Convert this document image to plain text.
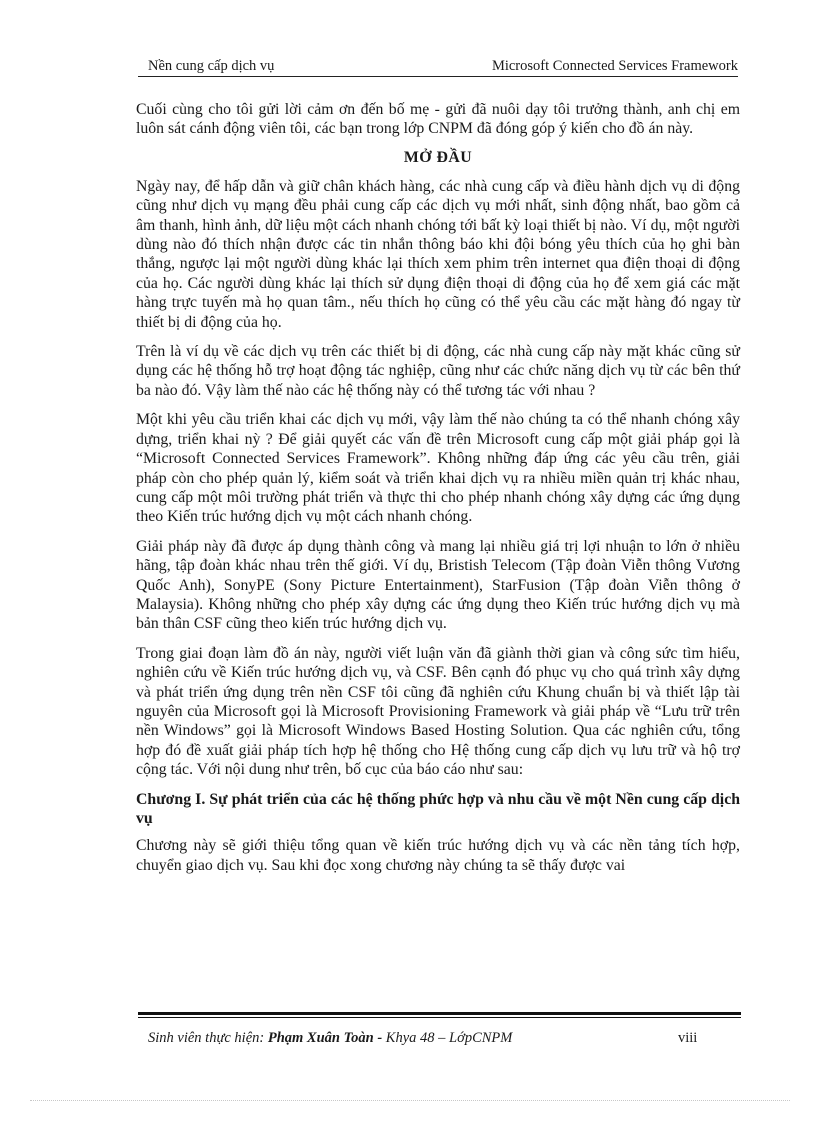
Nền cung cấp dịch vụ	Microsoft Connected Services Framework

Cuối cùng cho tôi gửi lời cảm ơn đến bố mẹ - gửi đã nuôi dạy tôi trưởng thành, anh chị em luôn sát cánh động viên tôi, các bạn trong lớp CNPM đã đóng góp ý kiến cho đồ án này.

MỞ ĐẦU

Ngày nay, để hấp dẫn và giữ chân khách hàng, các nhà cung cấp và điều hành dịch vụ di động cũng như dịch vụ mạng đều phải cung cấp các dịch vụ mới nhất, sinh động nhất, bao gồm cả âm thanh, hình ảnh, dữ liệu một cách nhanh chóng tới bất kỳ loại thiết bị nào. Ví dụ, một người dùng nào đó thích nhận được các tin nhắn thông báo khi đội bóng yêu thích của họ ghi bàn thắng, ngược lại một người dùng khác lại thích xem phim trên internet qua điện thoại di động của họ. Các người dùng khác lại thích sử dụng điện thoại di động của họ để xem giá các mặt hàng trực tuyến mà họ quan tâm., nếu thích họ cũng có thể yêu cầu các mặt hàng đó ngay từ thiết bị di động của họ.

Trên là ví dụ về các dịch vụ trên các thiết bị di động, các nhà cung cấp này mặt khác cũng sử dụng các hệ thống hỗ trợ hoạt động tác nghiệp, cũng như các chức năng dịch vụ từ các bên thứ ba nào đó. Vậy làm thế nào các hệ thống này có thể tương tác với nhau ?

Một khi yêu cầu triển khai các dịch vụ mới, vậy làm thế nào chúng ta có thể nhanh chóng xây dựng, triển khai nỳ ? Để giải quyết các vấn đề trên Microsoft cung cấp một giải pháp gọi là “Microsoft Connected Services Framework”. Không những đáp ứng các yêu cầu trên, giải pháp còn cho phép quản lý, kiểm soát và triển khai dịch vụ ra nhiều miền quản trị khác nhau, cung cấp một môi trường phát triển và thực thi cho phép nhanh chóng xây dựng các ứng dụng theo Kiến trúc hướng dịch vụ một cách nhanh chóng.

Giải pháp này đã được áp dụng thành công và mang lại nhiều giá trị lợi nhuận to lớn ở nhiều hãng, tập đoàn khác nhau trên thế giới. Ví dụ, Bristish Telecom (Tập đoàn Viễn thông Vương Quốc Anh), SonyPE (Sony Picture Entertainment), StarFusion (Tập đoàn Viễn thông ở Malaysia). Không những cho phép xây dựng các ứng dụng theo Kiến trúc hướng dịch vụ mà bản thân CSF cũng theo kiến trúc hướng dịch vụ.

Trong giai đoạn làm đồ án này, người viết luận văn đã giành thời gian và công sức tìm hiểu, nghiên cứu về Kiến trúc hướng dịch vụ, và CSF. Bên cạnh đó phục vụ cho quá trình xây dựng và phát triển ứng dụng trên nền CSF tôi cũng đã nghiên cứu Khung chuẩn bị và thiết lập tài nguyên của Microsoft gọi là Microsoft Provisioning Framework và giải pháp về “Lưu trữ trên nền Windows” gọi là Microsoft Windows Based Hosting Solution. Qua các nghiên cứu, tổng hợp đó đề xuất giải pháp tích hợp hệ thống cho Hệ thống cung cấp dịch vụ lưu trữ và hộ trợ cộng tác. Với nội dung như trên, bố cục của báo cáo như sau:

Chương I. Sự phát triển của các hệ thống phức hợp và nhu cầu về một Nền cung cấp dịch vụ

Chương này sẽ giới thiệu tổng quan về kiến trúc hướng dịch vụ và các nền tảng tích hợp, chuyển giao dịch vụ. Sau khi đọc xong chương này chúng ta sẽ thấy được vai

Sinh viên thực hiện: Phạm Xuân Toàn - Khya 48 – LớpCNPM	viii
